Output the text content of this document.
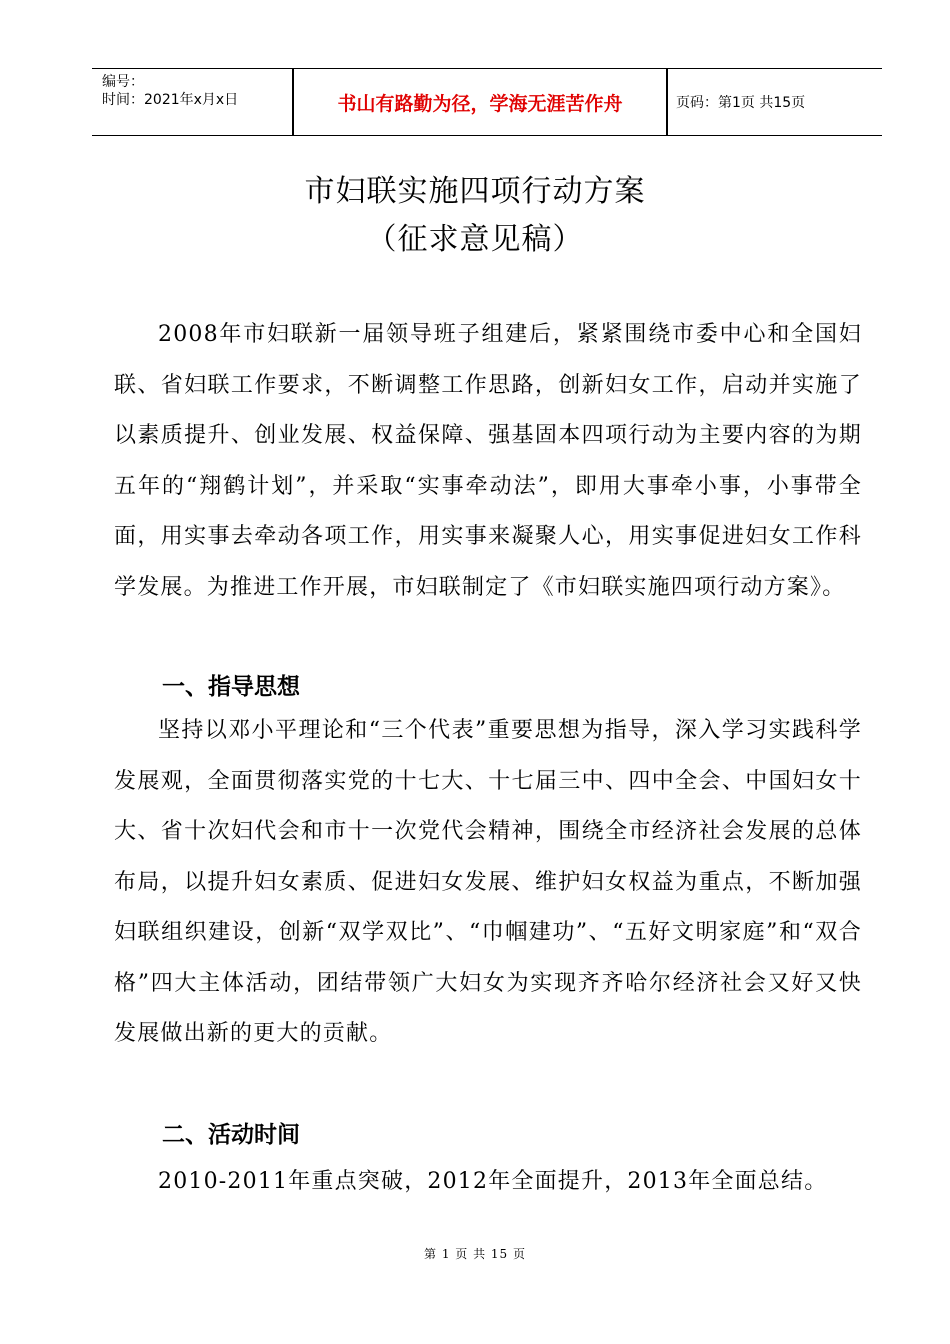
编号：
时间：2021年x月x日	书山有路勤为径，学海无涯苦作舟	页码：第1页 共15页
市妇联实施四项行动方案
（征求意见稿）

2008年市妇联新一届领导班子组建后，紧紧围绕市委中心和全国妇联、省妇联工作要求，不断调整工作思路，创新妇女工作，启动并实施了以素质提升、创业发展、权益保障、强基固本四项行动为主要内容的为期五年的“翔鹤计划”，并采取“实事牵动法”，即用大事牵小事，小事带全面，用实事去牵动各项工作，用实事来凝聚人心，用实事促进妇女工作科学发展。为推进工作开展，市妇联制定了《市妇联实施四项行动方案》。

一、指导思想

坚持以邓小平理论和“三个代表”重要思想为指导，深入学习实践科学发展观，全面贯彻落实党的十七大、十七届三中、四中全会、中国妇女十大、省十次妇代会和市十一次党代会精神，围绕全市经济社会发展的总体布局，以提升妇女素质、促进妇女发展、维护妇女权益为重点，不断加强妇联组织建设，创新“双学双比”、“巾帼建功”、“五好文明家庭”和“双合格”四大主体活动，团结带领广大妇女为实现齐齐哈尔经济社会又好又快发展做出新的更大的贡献。

二、活动时间

2010-2011年重点突破，2012年全面提升，2013年全面总结。

第 1 页 共 15 页
